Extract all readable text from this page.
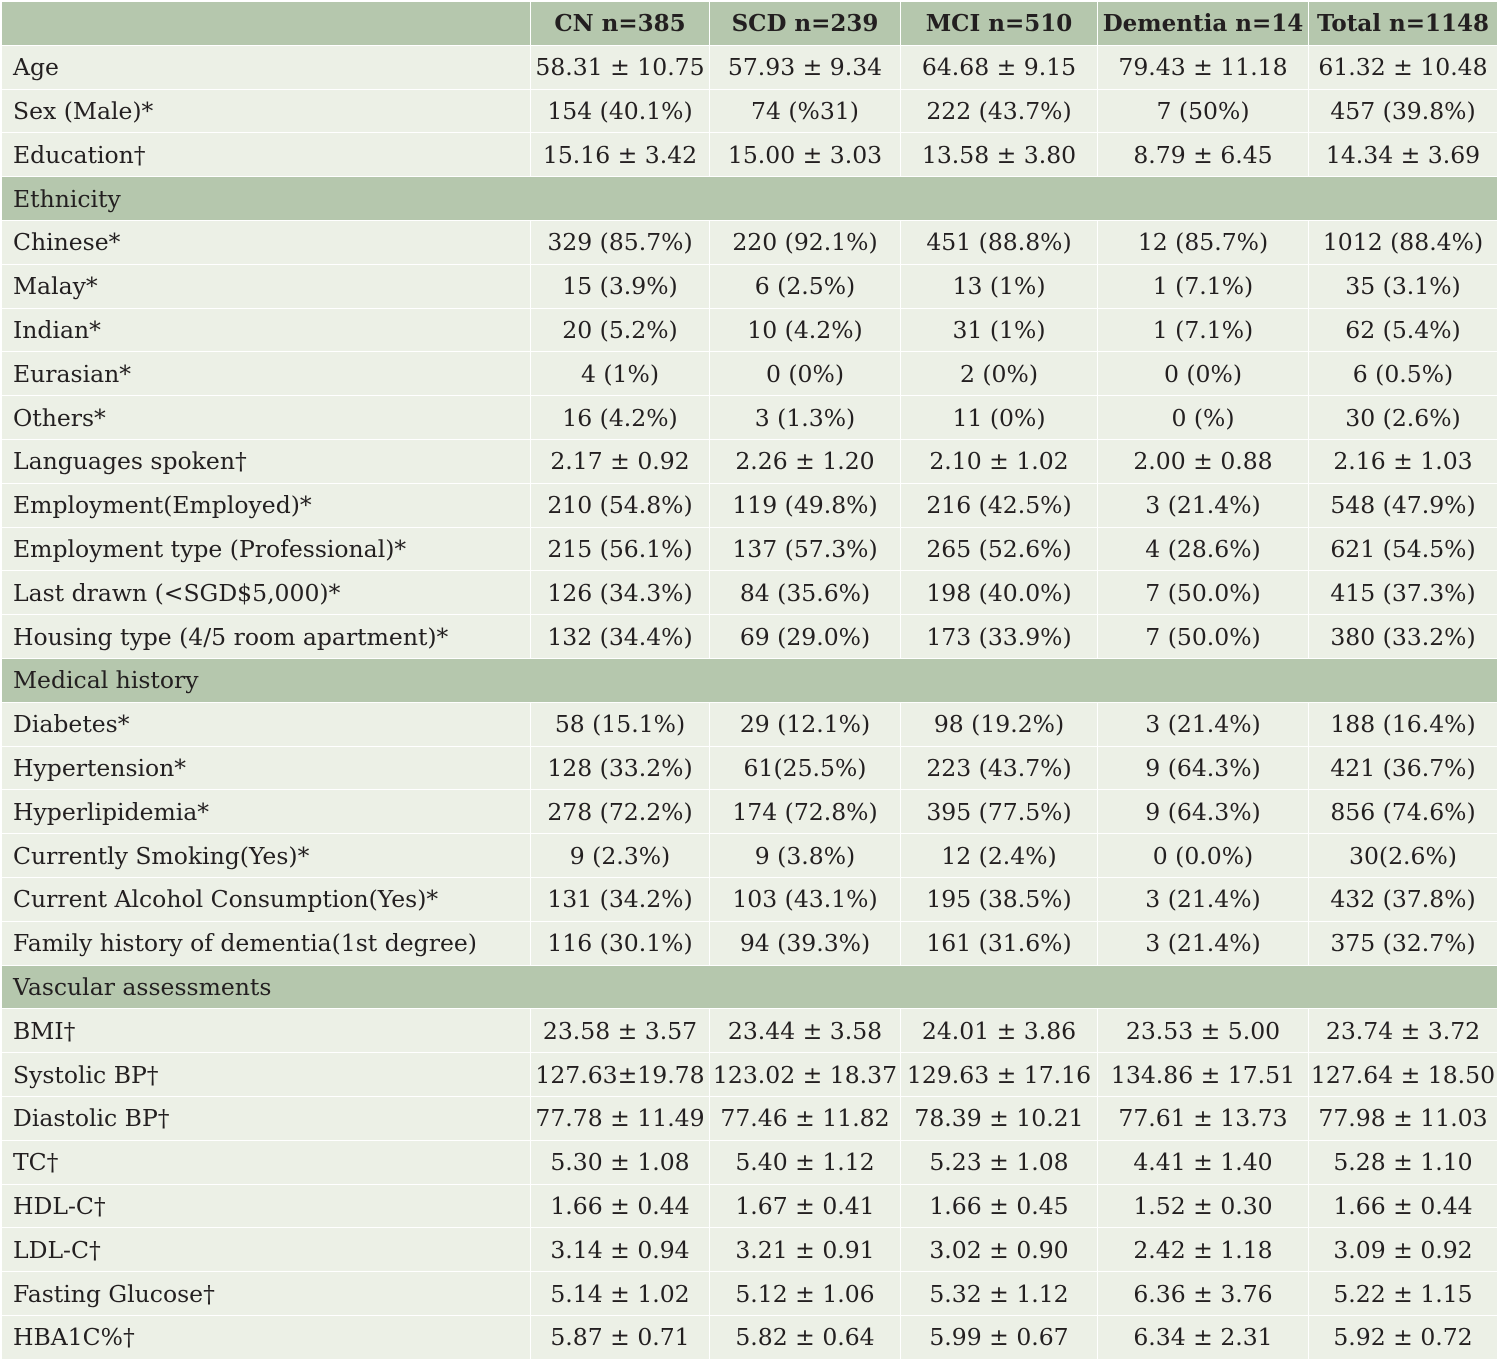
	CN n=385	SCD n=239	MCI n=510	Dementia n=14	Total n=1148
Age	58.31 ± 10.75	57.93 ± 9.34	64.68 ± 9.15	79.43 ± 11.18	61.32 ± 10.48
Sex (Male)*	154 (40.1%)	74 (%31)	222 (43.7%)	7 (50%)	457 (39.8%)
Education†	15.16 ± 3.42	15.00 ± 3.03	13.58 ± 3.80	8.79 ± 6.45	14.34 ± 3.69
Ethnicity					
Chinese*	329 (85.7%)	220 (92.1%)	451 (88.8%)	12 (85.7%)	1012 (88.4%)
Malay*	15 (3.9%)	6 (2.5%)	13 (1%)	1 (7.1%)	35 (3.1%)
Indian*	20 (5.2%)	10 (4.2%)	31 (1%)	1 (7.1%)	62 (5.4%)
Eurasian*	4 (1%)	0 (0%)	2 (0%)	0 (0%)	6 (0.5%)
Others*	16 (4.2%)	3 (1.3%)	11 (0%)	0 (%)	30 (2.6%)
Languages spoken†	2.17 ± 0.92	2.26 ± 1.20	2.10 ± 1.02	2.00 ± 0.88	2.16 ± 1.03
Employment(Employed)*	210 (54.8%)	119 (49.8%)	216 (42.5%)	3 (21.4%)	548 (47.9%)
Employment type (Professional)*	215 (56.1%)	137 (57.3%)	265 (52.6%)	4 (28.6%)	621 (54.5%)
Last drawn (<SGD$5,000)*	126 (34.3%)	84 (35.6%)	198 (40.0%)	7 (50.0%)	415 (37.3%)
Housing type (4/5 room apartment)*	132 (34.4%)	69 (29.0%)	173 (33.9%)	7 (50.0%)	380 (33.2%)
Medical history					
Diabetes*	58 (15.1%)	29 (12.1%)	98 (19.2%)	3 (21.4%)	188 (16.4%)
Hypertension*	128 (33.2%)	61(25.5%)	223 (43.7%)	9 (64.3%)	421 (36.7%)
Hyperlipidemia*	278 (72.2%)	174 (72.8%)	395 (77.5%)	9 (64.3%)	856 (74.6%)
Currently Smoking(Yes)*	9 (2.3%)	9 (3.8%)	12 (2.4%)	0 (0.0%)	30(2.6%)
Current Alcohol Consumption(Yes)*	131 (34.2%)	103 (43.1%)	195 (38.5%)	3 (21.4%)	432 (37.8%)
Family history of dementia(1st degree)	116 (30.1%)	94 (39.3%)	161 (31.6%)	3 (21.4%)	375 (32.7%)
Vascular assessments					
BMI†	23.58 ± 3.57	23.44 ± 3.58	24.01 ± 3.86	23.53 ± 5.00	23.74 ± 3.72
Systolic BP†	127.63±19.78	123.02 ± 18.37	129.63 ± 17.16	134.86 ± 17.51	127.64 ± 18.50
Diastolic BP†	77.78 ± 11.49	77.46 ± 11.82	78.39 ± 10.21	77.61 ± 13.73	77.98 ± 11.03
TC†	5.30 ± 1.08	5.40 ± 1.12	5.23 ± 1.08	4.41 ± 1.40	5.28 ± 1.10
HDL-C†	1.66 ± 0.44	1.67 ± 0.41	1.66 ± 0.45	1.52 ± 0.30	1.66 ± 0.44
LDL-C†	3.14 ± 0.94	3.21 ± 0.91	3.02 ± 0.90	2.42 ± 1.18	3.09 ± 0.92
Fasting Glucose†	5.14 ± 1.02	5.12 ± 1.06	5.32 ± 1.12	6.36 ± 3.76	5.22 ± 1.15
HBA1C%†	5.87 ± 0.71	5.82 ± 0.64	5.99 ± 0.67	6.34 ± 2.31	5.92 ± 0.72
